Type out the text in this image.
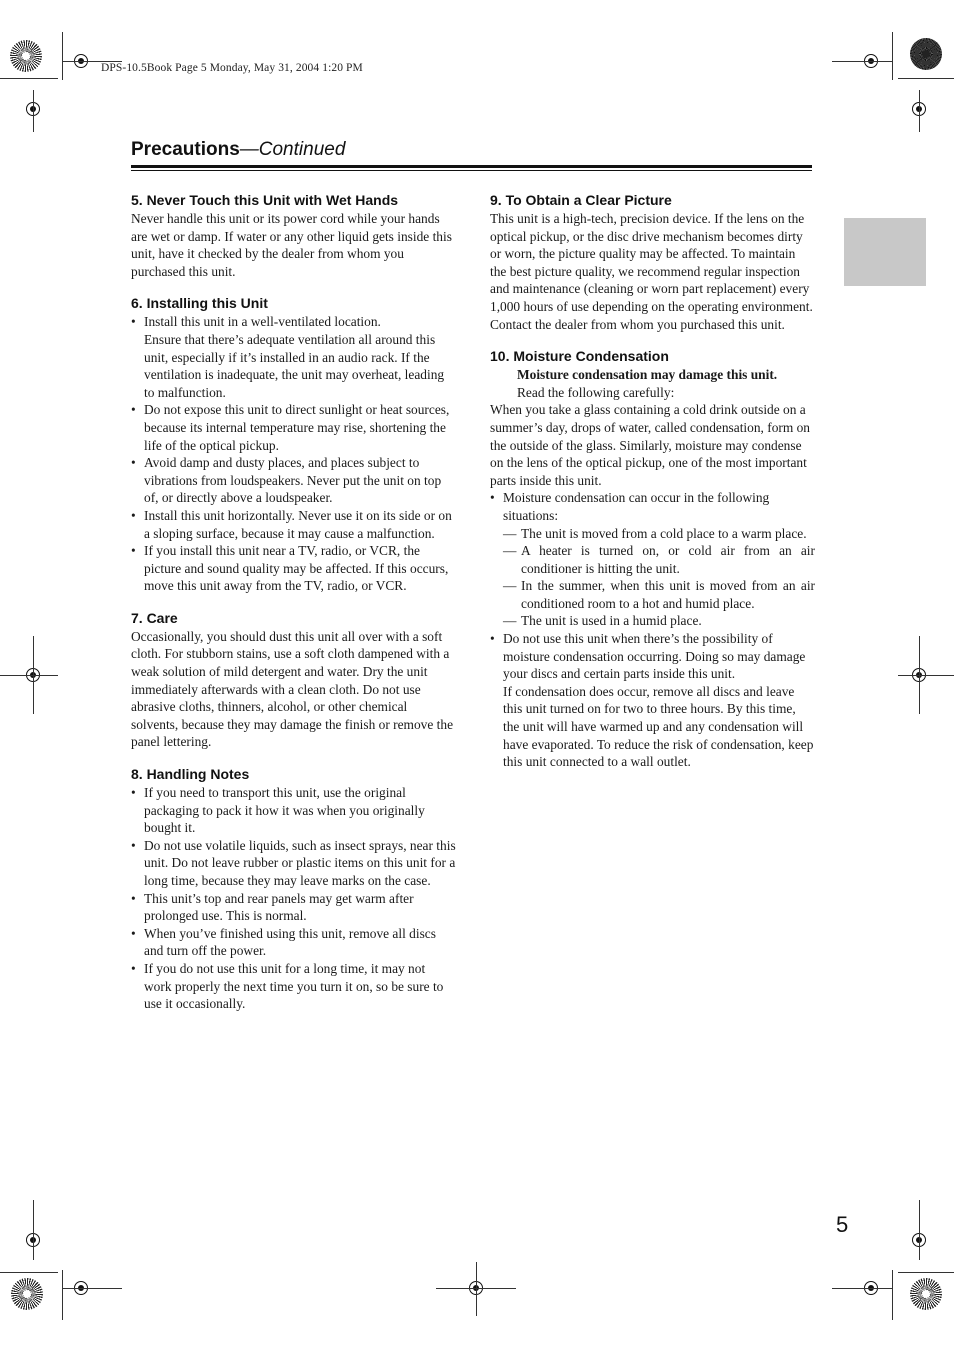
DPS-10.5Book Page 5 Monday, May 31, 2004 1:20 PM
Precautions—Continued
5. Never Touch this Unit with Wet Hands

Never handle this unit or its power cord while your hands are wet or damp. If water or any other liquid gets inside this unit, have it checked by the dealer from whom you purchased this unit.

6. Installing this Unit
• Install this unit in a well-ventilated location.
Ensure that there’s adequate ventilation all around this unit, especially if it’s installed in an audio rack. If the ventilation is inadequate, the unit may overheat, leading to malfunction.
• Do not expose this unit to direct sunlight or heat sources, because its internal temperature may rise, shortening the life of the optical pickup.
• Avoid damp and dusty places, and places subject to vibrations from loudspeakers. Never put the unit on top of, or directly above a loudspeaker.
• Install this unit horizontally. Never use it on its side or on a sloping surface, because it may cause a malfunction.
• If you install this unit near a TV, radio, or VCR, the picture and sound quality may be affected. If this occurs, move this unit away from the TV, radio, or VCR.
7. Care

Occasionally, you should dust this unit all over with a soft cloth. For stubborn stains, use a soft cloth dampened with a weak solution of mild detergent and water. Dry the unit immediately afterwards with a clean cloth. Do not use abrasive cloths, thinners, alcohol, or other chemical solvents, because they may damage the finish or remove the panel lettering.

8. Handling Notes
• If you need to transport this unit, use the original packaging to pack it how it was when you originally bought it.
• Do not use volatile liquids, such as insect sprays, near this unit. Do not leave rubber or plastic items on this unit for a long time, because they may leave marks on the case.
• This unit’s top and rear panels may get warm after prolonged use. This is normal.
• When you’ve finished using this unit, remove all discs and turn off the power.
• If you do not use this unit for a long time, it may not work properly the next time you turn it on, so be sure to use it occasionally.
9. To Obtain a Clear Picture

This unit is a high-tech, precision device. If the lens on the optical pickup, or the disc drive mechanism becomes dirty or worn, the picture quality may be affected. To maintain the best picture quality, we recommend regular inspection and maintenance (cleaning or worn part replacement) every 1,000 hours of use depending on the operating environment. Contact the dealer from whom you purchased this unit.

10. Moisture Condensation

Moisture condensation may damage this unit.

Read the following carefully:

When you take a glass containing a cold drink outside on a summer’s day, drops of water, called condensation, form on the outside of the glass. Similarly, moisture may condense on the lens of the optical pickup, one of the most important parts inside this unit.

• Moisture condensation can occur in the following situations:
— The unit is moved from a cold place to a warm place.
— A heater is turned on, or cold air from an air conditioner is hitting the unit.
— In the summer, when this unit is moved from an air conditioned room to a hot and humid place.
— The unit is used in a humid place.
• Do not use this unit when there’s the possibility of moisture condensation occurring. Doing so may damage your discs and certain parts inside this unit.
If condensation does occur, remove all discs and leave this unit turned on for two to three hours. By this time, the unit will have warmed up and any condensation will have evaporated. To reduce the risk of condensation, keep this unit connected to a wall outlet.
5
